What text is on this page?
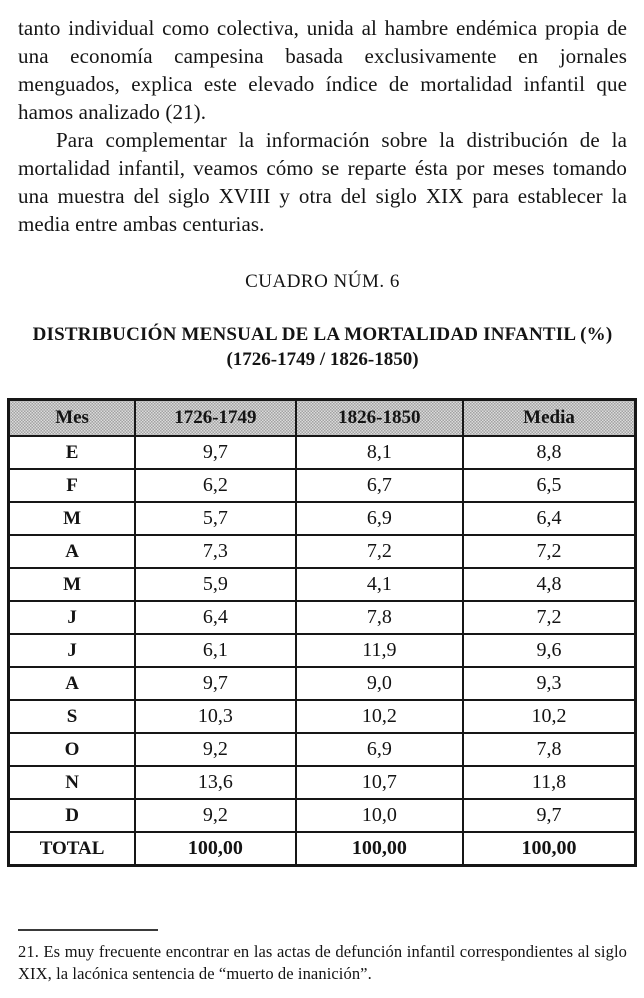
tanto individual como colectiva, unida al hambre endémica propia de una economía campesina basada exclusivamente en jornales menguados, explica este elevado índice de mortalidad infantil que hamos analizado (21).

Para complementar la información sobre la distribución de la mortalidad infantil, veamos cómo se reparte ésta por meses tomando una muestra del siglo XVIII y otra del siglo XIX para establecer la media entre ambas centurias.

CUADRO NÚM. 6
DISTRIBUCIÓN MENSUAL DE LA MORTALIDAD INFANTIL (%)
(1726-1749 / 1826-1850)
Mes	1726-1749	1826-1850	Media
E	9,7	8,1	8,8
F	6,2	6,7	6,5
M	5,7	6,9	6,4
A	7,3	7,2	7,2
M	5,9	4,1	4,8
J	6,4	7,8	7,2
J	6,1	11,9	9,6
A	9,7	9,0	9,3
S	10,3	10,2	10,2
O	9,2	6,9	7,8
N	13,6	10,7	11,8
D	9,2	10,0	9,7
TOTAL	100,00	100,00	100,00

21. Es muy frecuente encontrar en las actas de defunción infantil correspondientes al siglo XIX, la lacónica sentencia de “muerto de inanición”.
